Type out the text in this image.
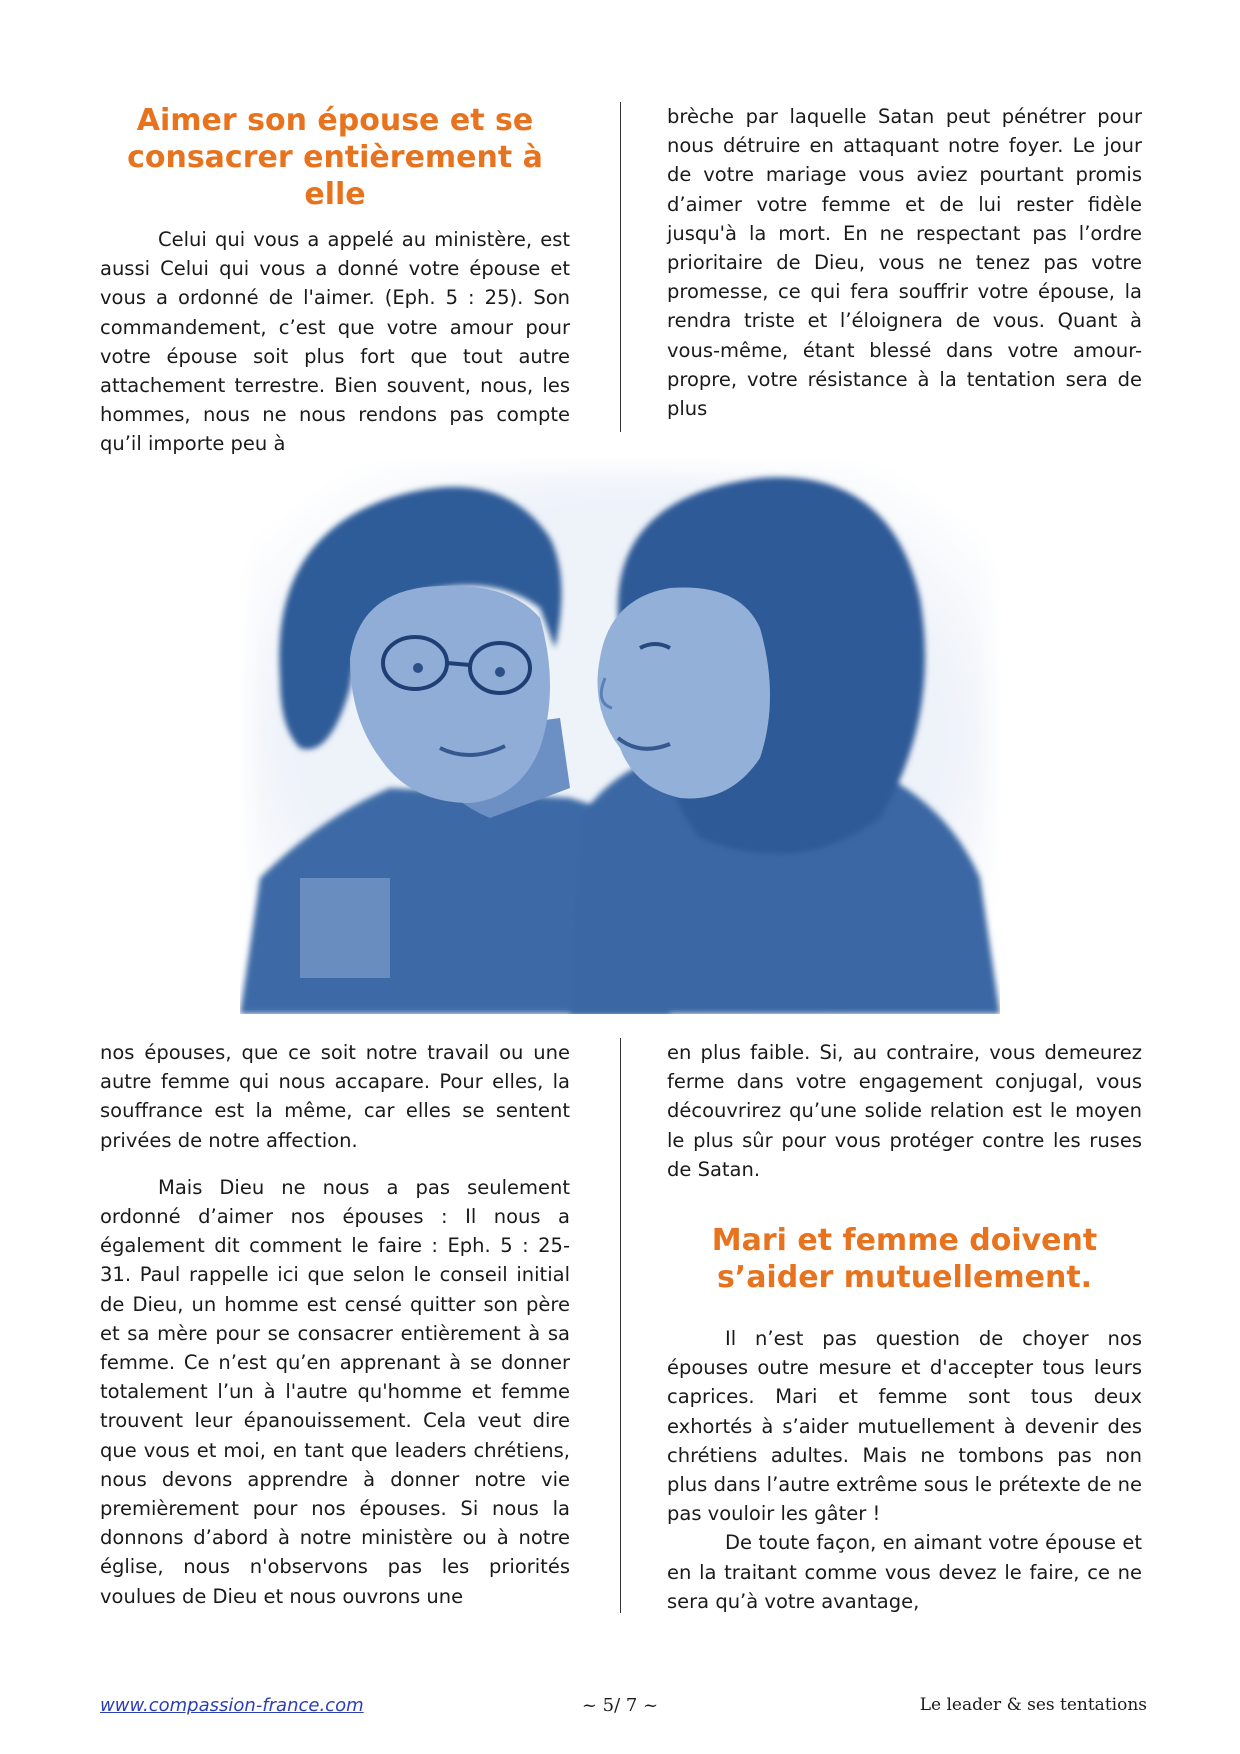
Aimer son épouse et se
consacrer entièrement à elle

Celui qui vous a appelé au ministère, est aussi Celui qui vous a donné votre épouse et vous a ordonné de l'aimer. (Eph. 5 : 25). Son commandement, c’est que votre amour pour votre épouse soit plus fort que tout autre attachement terrestre. Bien souvent, nous, les hommes, nous ne nous rendons pas compte qu’il importe peu à

brèche par laquelle Satan peut pénétrer pour nous détruire en attaquant notre foyer. Le jour de votre mariage vous aviez pourtant promis d’aimer votre femme et de lui rester fidèle jusqu'à la mort. En ne respectant pas l’ordre prioritaire de Dieu, vous ne tenez pas votre promesse, ce qui fera souffrir votre épouse, la rendra triste et l’éloignera de vous. Quant à vous-même, étant blessé dans votre amour-propre, votre résistance à la tentation sera de plus

nos épouses, que ce soit notre travail ou une autre femme qui nous accapare. Pour elles, la souffrance est la même, car elles se sentent privées de notre affection.

Mais Dieu ne nous a pas seulement ordonné d’aimer nos épouses : Il nous a également dit comment le faire : Eph. 5 : 25-31. Paul rappelle ici que selon le conseil initial de Dieu, un homme est censé quitter son père et sa mère pour se consacrer entièrement à sa femme. Ce n’est qu’en apprenant à se donner totalement l’un à l'autre qu'homme et femme trouvent leur épanouissement. Cela veut dire que vous et moi, en tant que leaders chrétiens, nous devons apprendre à donner notre vie premièrement pour nos épouses. Si nous la donnons d’abord à notre ministère ou à notre église, nous n'observons pas les priorités voulues de Dieu et nous ouvrons une

en plus faible. Si, au contraire, vous demeurez ferme dans votre engagement conjugal, vous découvrirez qu’une solide relation est le moyen le plus sûr pour vous protéger contre les ruses de Satan.

Mari et femme doivent
s’aider mutuellement.

Il n’est pas question de choyer nos épouses outre mesure et d'accepter tous leurs caprices. Mari et femme sont tous deux exhortés à s’aider mutuellement à devenir des chrétiens adultes. Mais ne tombons pas non plus dans l’autre extrême sous le prétexte de ne pas vouloir les gâter !

De toute façon, en aimant votre épouse et en la traitant comme vous devez le faire, ce ne sera qu’à votre avantage,

www.compassion-france.com	~ 5/ 7 ~	Le leader & ses tentations
